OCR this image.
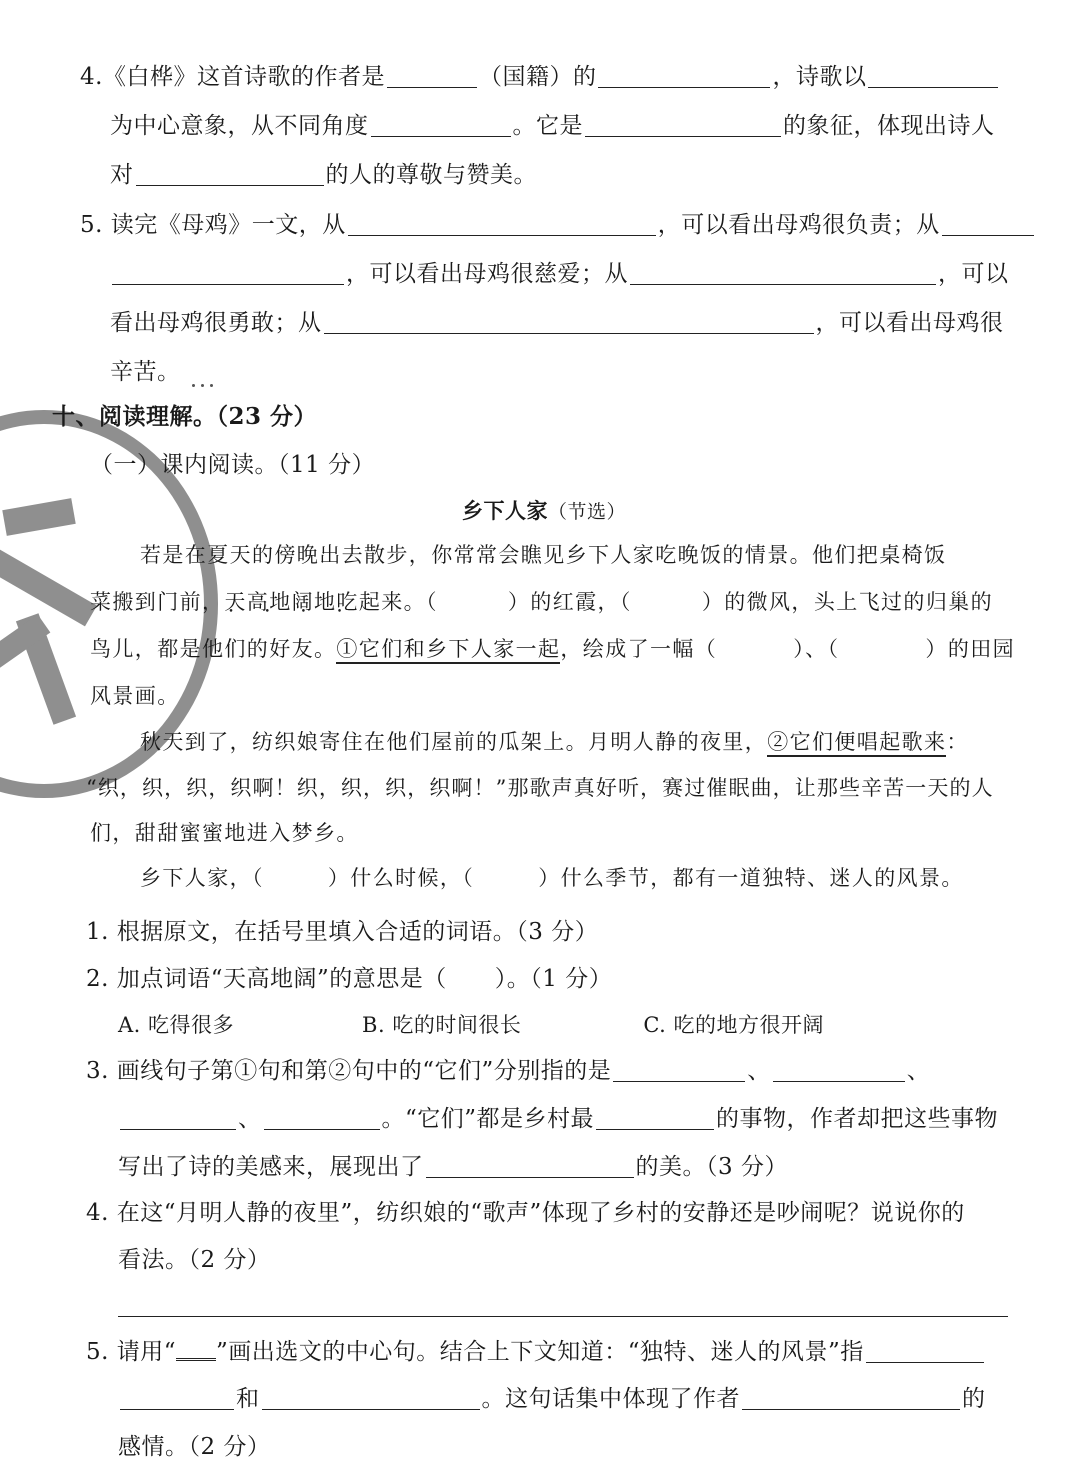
4.《白桦》这首诗歌的作者是	（国籍）的	，诗歌以
为中心意象，从不同角度	。它是	的象征，体现出诗人
对	的人的尊敬与赞美。
5. 读完《母鸡》一文，从	，可以看出母鸡很负责；从
，可以看出母鸡很慈爱；从	，可以
看出母鸡很勇敢；从	，可以看出母鸡很
辛苦。
十、阅读理解。（23 分）
（一）课内阅读。（11 分）
乡下人家（节选）
若是在夏天的傍晚出去散步，你常常会瞧见乡下人家吃晚饭的情景。他们把桌椅饭
菜搬到门前，天高地阔 • • • •地吃起来。（	）的红霞，（	）的微风，头上飞过的归巢的
鸟儿，都是他们的好友。①它们和乡下人家一起，绘成了一幅（	）、（	）的田园
风景画。
秋天到了，纺织娘寄住在他们屋前的瓜架上。月明人静的夜里，②它们便唱起歌来：
“织，织，织，织啊！织，织，织，织啊！”那歌声真好听，赛过催眠曲，让那些辛苦一天的人
们，甜甜蜜蜜地进入梦乡。
乡下人家，（	）什么时候，（	）什么季节，都有一道独特、迷人的风景。
1. 根据原文，在括号里填入合适的词语。（3 分）
2. 加点词语“天高地阔”的意思是（ ）。（1 分）
A. 吃得很多	B. 吃的时间很长	C. 吃的地方很开阔
3. 画线句子第①句和第②句中的“它们”分别指的是	、	、
、	。“它们”都是乡村最	的事物，作者却把这些事物
写出了诗的美感来，展现出了	的美。（3 分）
4. 在这“月明人静的夜里”，纺织娘的“歌声”体现了乡村的安静还是吵闹呢？说说你的
看法。（2 分）
5. 请用“ ”画出选文的中心句。结合上下文知道：“独特、迷人的风景”指
和	。这句话集中体现了作者	的
感情。（2 分）
